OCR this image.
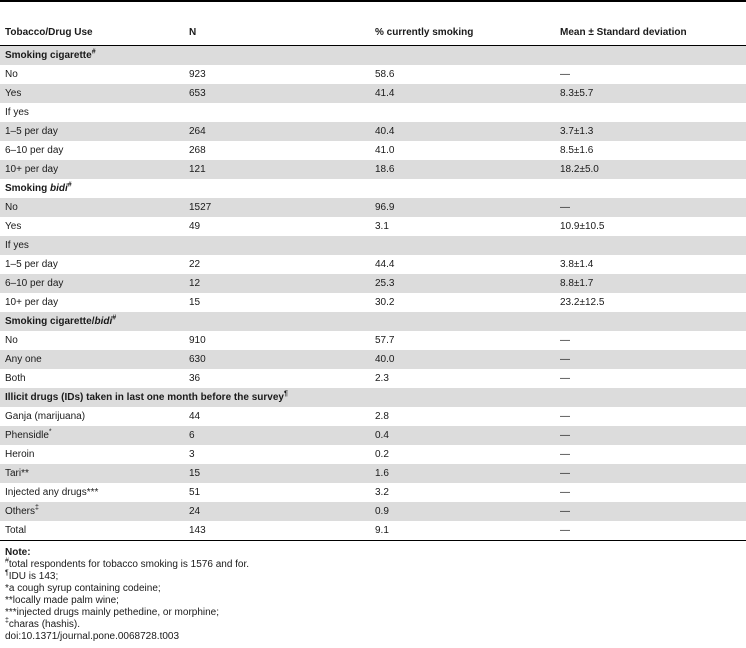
Tobacco/Drug Use	N	% currently smoking	Mean ± Standard deviation
Smoking cigarette#			
No	923	58.6	—
Yes	653	41.4	8.3±5.7
If yes			
1–5 per day	264	40.4	3.7±1.3
6–10 per day	268	41.0	8.5±1.6
10+ per day	121	18.6	18.2±5.0
Smoking bidi#			
No	1527	96.9	—
Yes	49	3.1	10.9±10.5
If yes			
1–5 per day	22	44.4	3.8±1.4
6–10 per day	12	25.3	8.8±1.7
10+ per day	15	30.2	23.2±12.5
Smoking cigarette/bidi#			
No	910	57.7	—
Any one	630	40.0	—
Both	36	2.3	—
Illicit drugs (IDs) taken in last one month before the survey¶			
Ganja (marijuana)	44	2.8	—
Phensidle*	6	0.4	—
Heroin	3	0.2	—
Tari**	15	1.6	—
Injected any drugs***	51	3.2	—
Others‡	24	0.9	—
Total	143	9.1	—
Note:
#total respondents for tobacco smoking is 1576 and for.
¶IDU is 143;
*a cough syrup containing codeine;
**locally made palm wine;
***injected drugs mainly pethedine, or morphine;
‡charas (hashis).
doi:10.1371/journal.pone.0068728.t003
